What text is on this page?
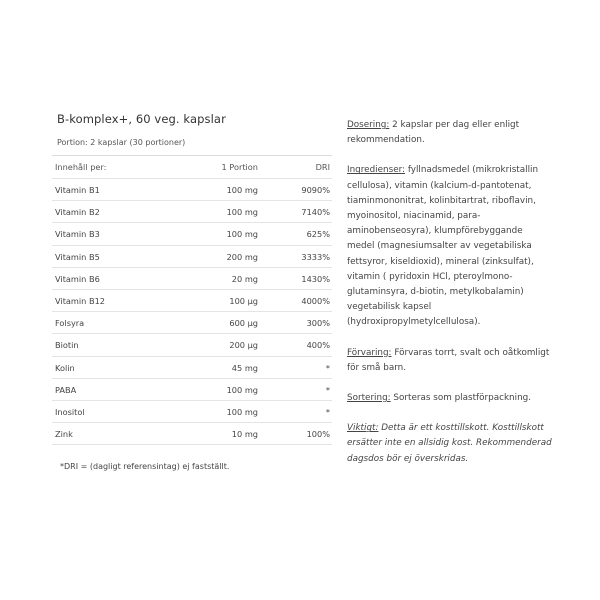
B-komplex+, 60 veg. kapslar
Portion: 2 kapslar (30 portioner)
Innehåll per:	1 Portion	DRI
Vitamin B1	100 mg	9090%
Vitamin B2	100 mg	7140%
Vitamin B3	100 mg	625%
Vitamin B5	200 mg	3333%
Vitamin B6	20 mg	1430%
Vitamin B12	100 µg	4000%
Folsyra	600 µg	300%
Biotin	200 µg	400%
Kolin	45 mg	*
PABA	100 mg	*
Inositol	100 mg	*
Zink	10 mg	100%
*DRI = (dagligt referensintag) ej fastställt.

Dosering: 2 kapslar per dag eller enligt rekommendation.

Ingredienser: fyllnadsmedel (mikrokristallin cellulosa), vitamin (kalcium-d-pantotenat, tiaminmononitrat, kolinbitartrat, riboflavin, myoinositol, niacinamid, para-aminobenseosyra), klumpförebyggande medel (magnesiumsalter av vegetabiliska fettsyror, kiseldioxid), mineral (zinksulfat), vitamin ( pyridoxin HCl, pteroylmono-glutaminsyra, d-biotin, metylkobalamin) vegetabilisk kapsel (hydroxipropylmetylcellulosa).

Förvaring: Förvaras torrt, svalt och oåtkomligt för små barn.

Sortering: Sorteras som plastförpackning.

Viktigt: Detta är ett kosttillskott. Kosttillskott ersätter inte en allsidig kost. Rekommenderad dagsdos bör ej överskridas.
